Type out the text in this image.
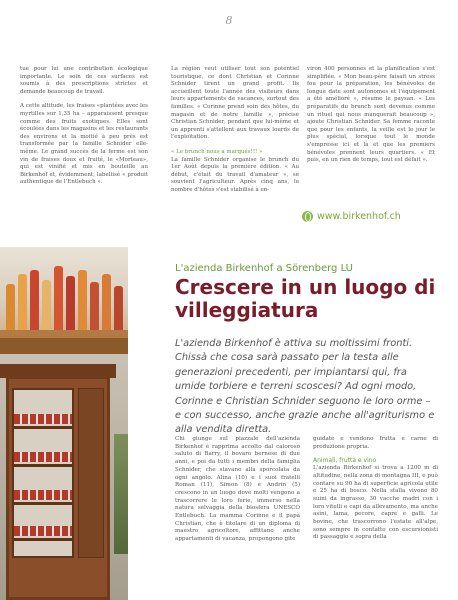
8

tue pour lui une contribution écologique importante. Le soin de ces surfaces est soumis à des prescriptions strictes et demande beaucoup de travail.

A cette altitude, les fraises «plantées avec les myrtilles sur 1,35 ha – apparaissent presque comme des fruits exotiques. Elles sont écoulées dans les magasins et les restaurants des environs et la moitié à peu près est transformée par la famille Schnider elle-même. Le grand succès de la ferme est son vin de fraises doux et fruité, le «Morteau», qui est vinifié et mis en bouteille au Birkenhof et, évidemment, labellisé « produit authentique de l'Entlebuch ».

La région veut utiliser tout son potentiel touristique, ce dont Christian et Corinne Schnider tirent un grand profit. Ils accueillent toute l'année des visiteurs dans leurs appartements de vacances, surtout des familles. « Corinne prend soin des hôtes, du magasin et de notre famille », précise Christian Schnider, pendant que lui-même et un apprenti s'attellent aux travaux lourds de l'exploitation.

« Le brunch nous a marqués!!! »

La famille Schnider organise le brunch du 1er Août depuis la première édition. « Au début, c'était du travail d'amateur », se souvient l'agriculteur. Après cinq ans, le nombre d'hôtes s'est stabilisé à en-

viron 400 personnes et la planification s'est simplifiée. « Mon beau-père faisait un stress fou pour la préparation, les bénévoles de longue date sont autonomes et l'équipement a été amélioré », résume le paysan. « Les préparatifs du brunch sont devenus comme un rituel qui nous manquerait beaucoup », ajoute Christian Schnider. Sa femme raconte que pour les enfants, la veille est le jour le plus spécial, lorsque tout le monde s'empresse ici et là et que les premiers bénévoles prennent leurs quartiers. « Et puis, en un rien de temps, tout est défait ».

www.birkenhof.ch
L'azienda Birkenhof a Sörenberg LU
Crescere in un luogo di villeggiatura

L'azienda Birkenhof è attiva su moltissimi fronti. Chissà che cosa sarà passato per la testa alle generazioni precedenti, per impiantarsi qui, fra umide torbiere e terreni scoscesi? Ad ogni modo, Corinne e Christian Schnider seguono le loro orme – e con successo, anche grazie anche all'agriturismo e alla vendita diretta.

Chi giunge sul piazzale dell'azienda Birkenhof è rapprima accolto dal caloroso saluto di Barry, il bovaro bernese di due anni, e poi da tutti i membri della famiglia Schnider, che stavano alla sporcolata da ogni angolo. Alina (10) e i suoi fratelli Roman (11), Simon (8) e Andrin (5) crescono in un luogo dove molti vengono a trascorrere le loro ferie, immerso nella natura selvaggia della biosfera UNESCO Entlebuch. La mamma Corinne e il papà Christian, che è titolare di un diploma di maestro agricoltore, affittano anche appartamenti di vacanza, propongono gite

guidate e vendono frutta e carne di produzione propria.

Animali, frutta e vino

L'azienda Birkenhof si trova a 1200 m di altitudine, nella zona di montagna III, e può contare su 90 ha di superficie agricola utile e 25 ha di bosco. Nella stalla vivono 80 suini da ingrasso, 30 vacche madri con i loro vitelli e capi da allevamento, ma anche asini, lama, pecore, capre e galli. Le bovine, che trascorrono l'estate all'alpe, sono sempre in contatto con escursionisti di passaggio e sopra della
